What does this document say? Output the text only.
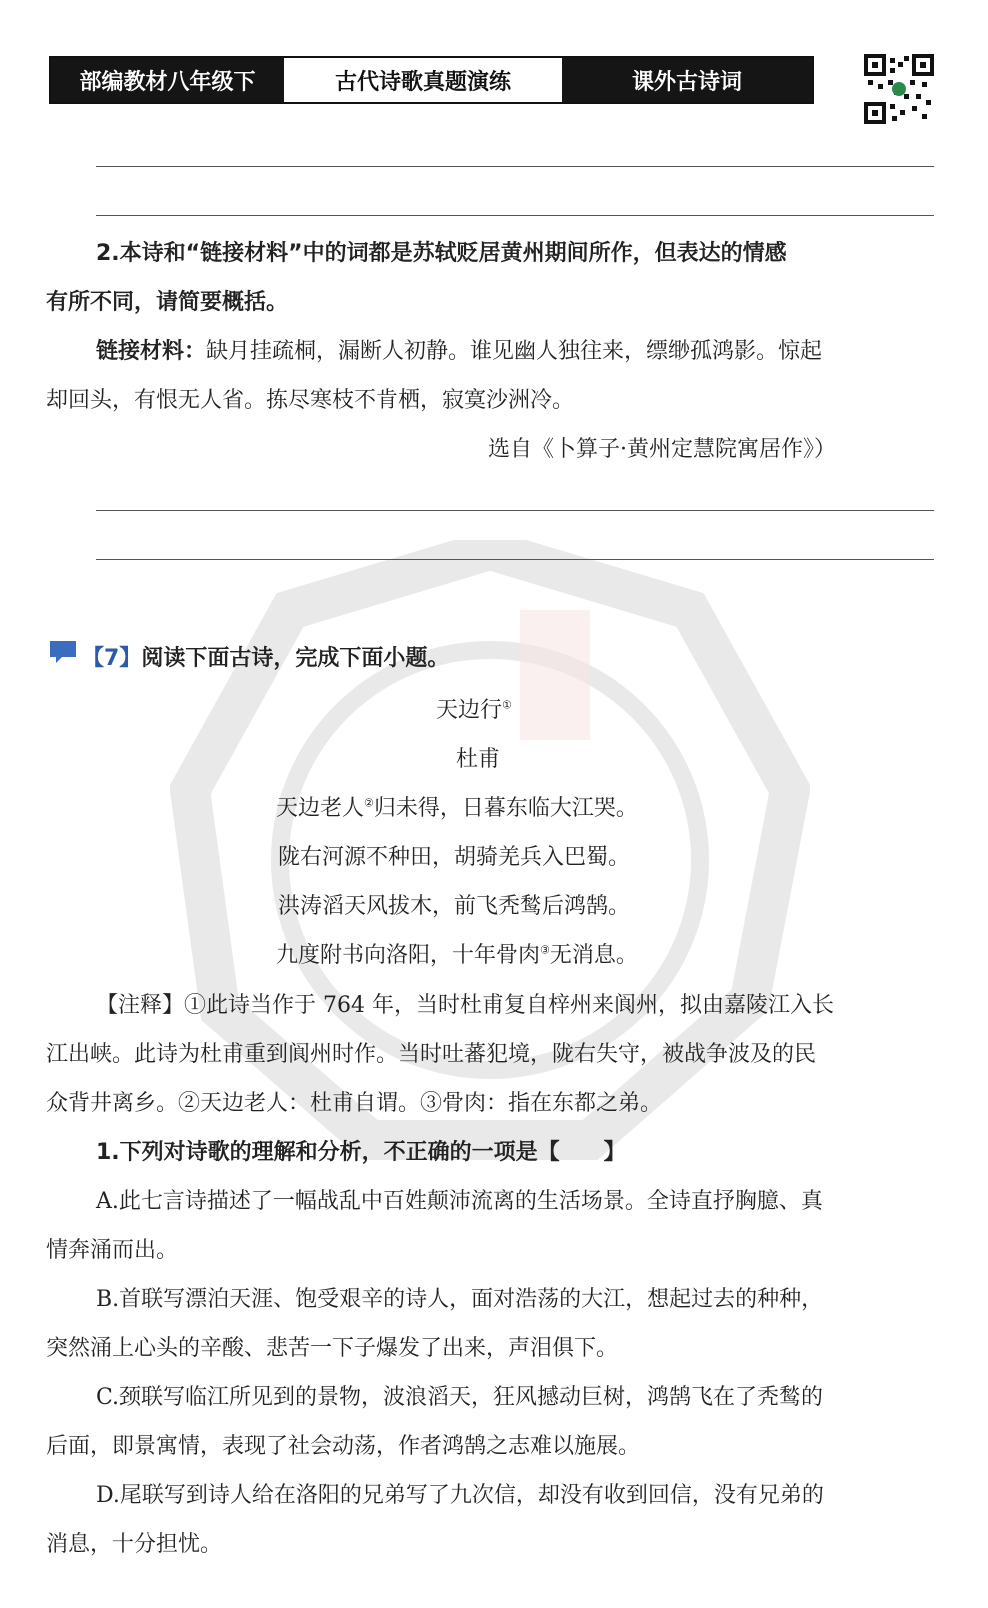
部编教材八年级下	古代诗歌真题演练	课外古诗词
2.本诗和“链接材料”中的词都是苏轼贬居黄州期间所作，但表达的情感
有所不同，请简要概括。
链接材料：缺月挂疏桐，漏断人初静。谁见幽人独往来，缥缈孤鸿影。惊起
却回头，有恨无人省。拣尽寒枝不肯栖，寂寞沙洲冷。
选自《卜算子·黄州定慧院寓居作》）
【7】阅读下面古诗，完成下面小题。
天边行①
杜甫
天边老人②归未得，日暮东临大江哭。
陇右河源不种田，胡骑羌兵入巴蜀。
洪涛滔天风拔木，前飞秃鹙后鸿鹄。
九度附书向洛阳，十年骨肉③无消息。
【注释】①此诗当作于 764 年，当时杜甫复自梓州来阆州，拟由嘉陵江入长
江出峡。此诗为杜甫重到阆州时作。当时吐蕃犯境，陇右失守，被战争波及的民
众背井离乡。②天边老人：杜甫自谓。③骨肉：指在东都之弟。
1.下列对诗歌的理解和分析，不正确的一项是【　　】
A.此七言诗描述了一幅战乱中百姓颠沛流离的生活场景。全诗直抒胸臆、真
情奔涌而出。
B.首联写漂泊天涯、饱受艰辛的诗人，面对浩荡的大江，想起过去的种种，
突然涌上心头的辛酸、悲苦一下子爆发了出来，声泪俱下。
C.颈联写临江所见到的景物，波浪滔天，狂风撼动巨树，鸿鹄飞在了秃鹙的
后面，即景寓情，表现了社会动荡，作者鸿鹄之志难以施展。
D.尾联写到诗人给在洛阳的兄弟写了九次信，却没有收到回信，没有兄弟的
消息，十分担忧。
